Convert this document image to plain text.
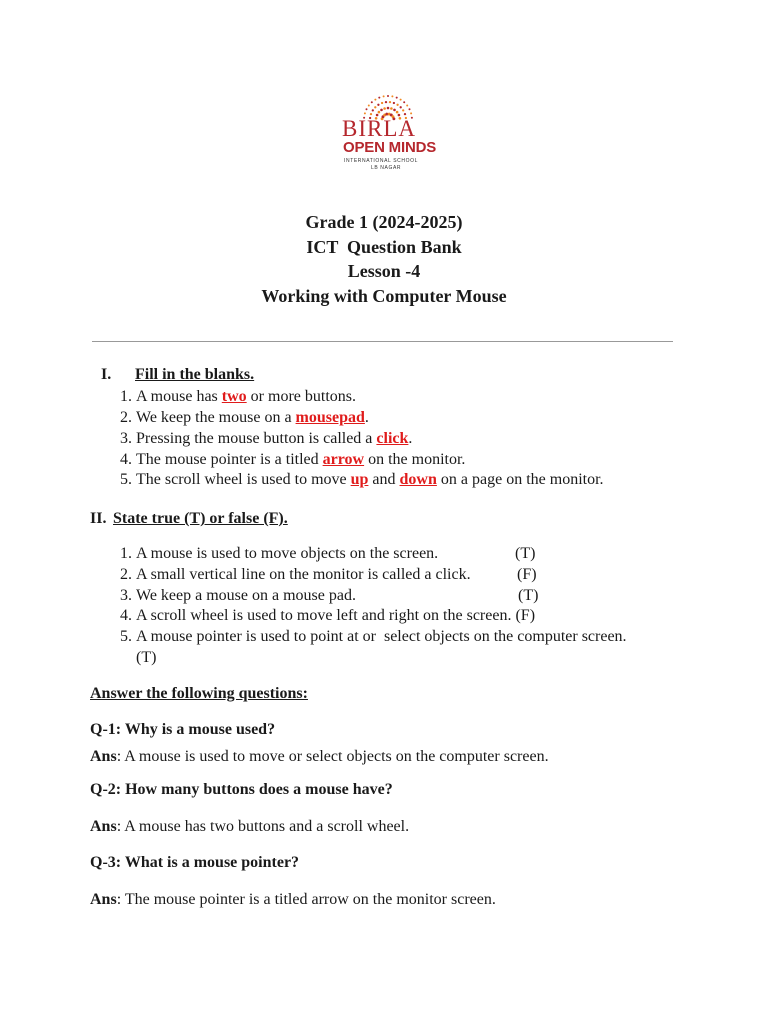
BIRLA
OPEN MINDS
INTERNATIONAL SCHOOL
LB NAGAR
Grade 1 (2024-2025)
ICT  Question Bank
Lesson -4
Working with Computer Mouse
I. Fill in the blanks.
1. A mouse has two or more buttons.
2. We keep the mouse on a mousepad.
3. Pressing the mouse button is called a click.
4. The mouse pointer is a titled arrow on the monitor.
5. The scroll wheel is used to move up and down on a page on the monitor.
II. State true (T) or false (F).
1. A mouse is used to move objects on the screen.	(T)
2. A small vertical line on the monitor is called a click.	(F)
3. We keep a mouse on a mouse pad.	(T)
4. A scroll wheel is used to move left and right on the screen. (F)
5. A mouse pointer is used to point at or  select objects on the computer screen.
(T)
Answer the following questions:
Q-1: Why is a mouse used?
Ans: A mouse is used to move or select objects on the computer screen.
Q-2: How many buttons does a mouse have?
Ans: A mouse has two buttons and a scroll wheel.
Q-3: What is a mouse pointer?
Ans: The mouse pointer is a titled arrow on the monitor screen.
